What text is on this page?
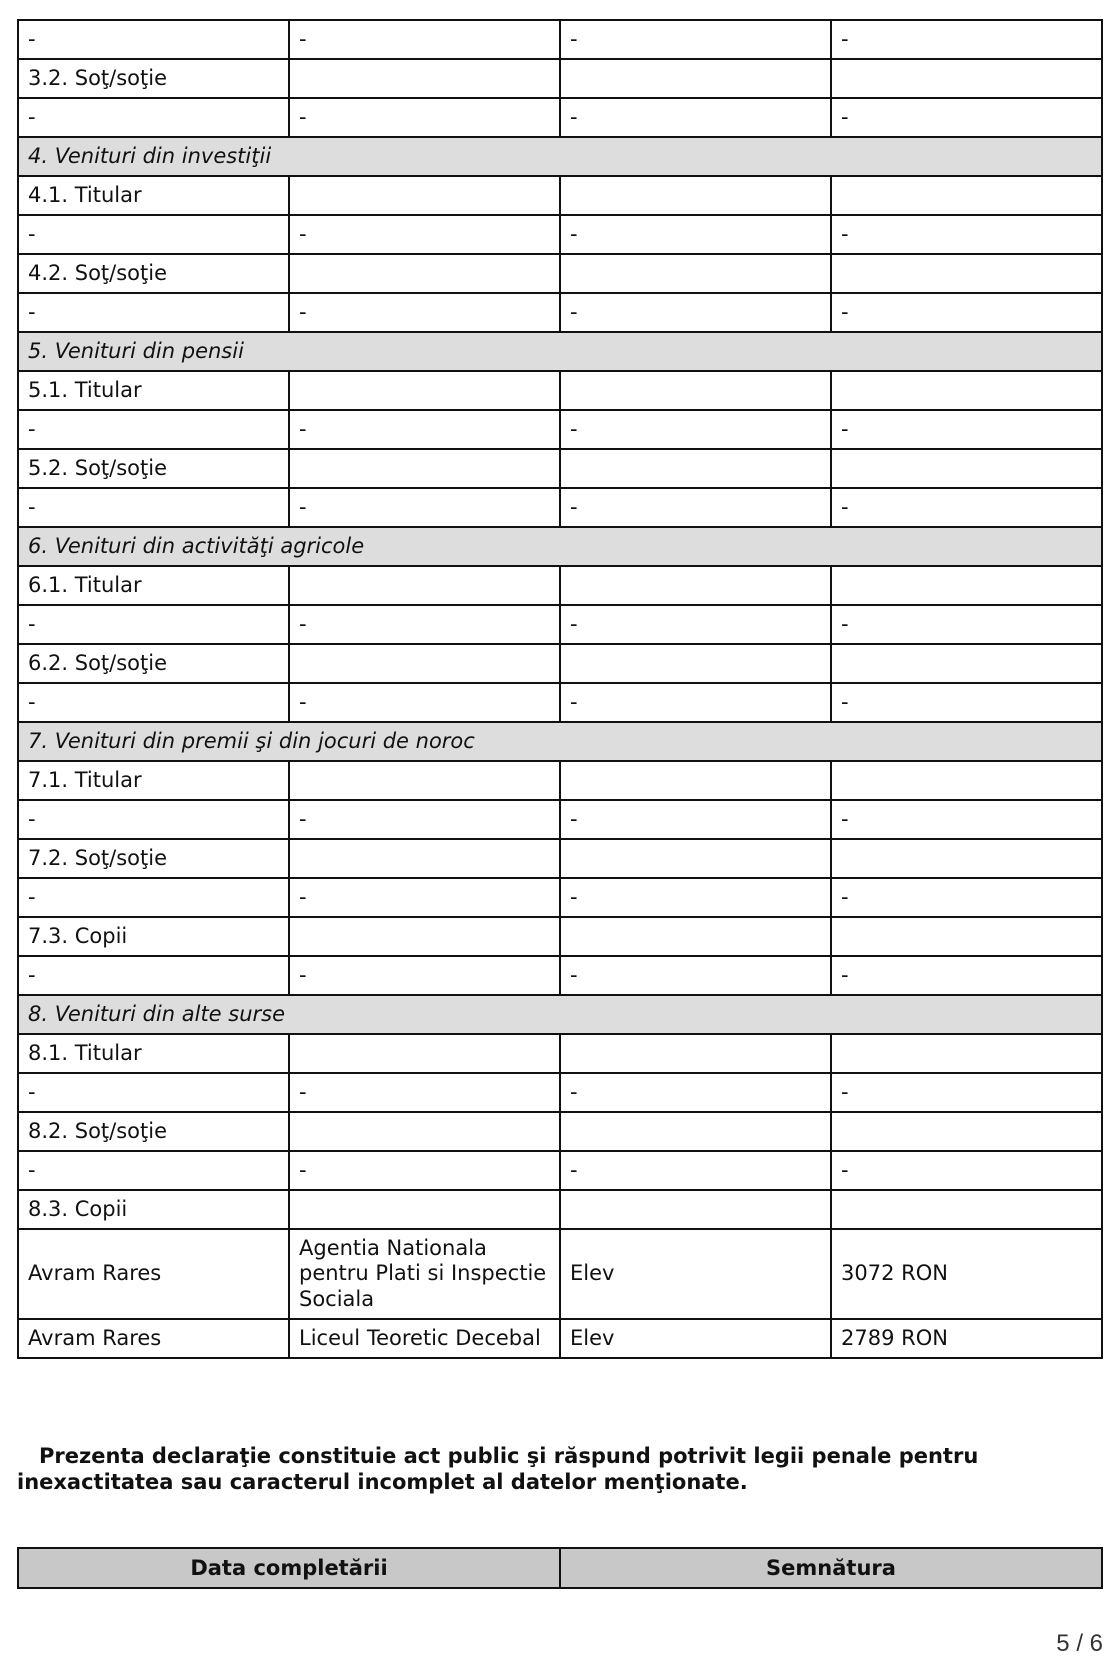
-	-	-	-
3.2. Soţ/soţie			
-	-	-	-
4. Venituri din investiţii			
4.1. Titular			
-	-	-	-
4.2. Soţ/soţie			
-	-	-	-
5. Venituri din pensii			
5.1. Titular			
-	-	-	-
5.2. Soţ/soţie			
-	-	-	-
6. Venituri din activităţi agricole			
6.1. Titular			
-	-	-	-
6.2. Soţ/soţie			
-	-	-	-
7. Venituri din premii şi din jocuri de noroc			
7.1. Titular			
-	-	-	-
7.2. Soţ/soţie			
-	-	-	-
7.3. Copii			
-	-	-	-
8. Venituri din alte surse			
8.1. Titular			
-	-	-	-
8.2. Soţ/soţie			
-	-	-	-
8.3. Copii			
Avram Rares	Agentia Nationala pentru Plati si Inspectie Sociala	Elev	3072 RON
Avram Rares	Liceul Teoretic Decebal	Elev	2789 RON

Prezenta declaraţie constituie act public şi răspund potrivit legii penale pentru inexactitatea sau caracterul incomplet al datelor menţionate.

Data completării	Semnătura
5 / 6
